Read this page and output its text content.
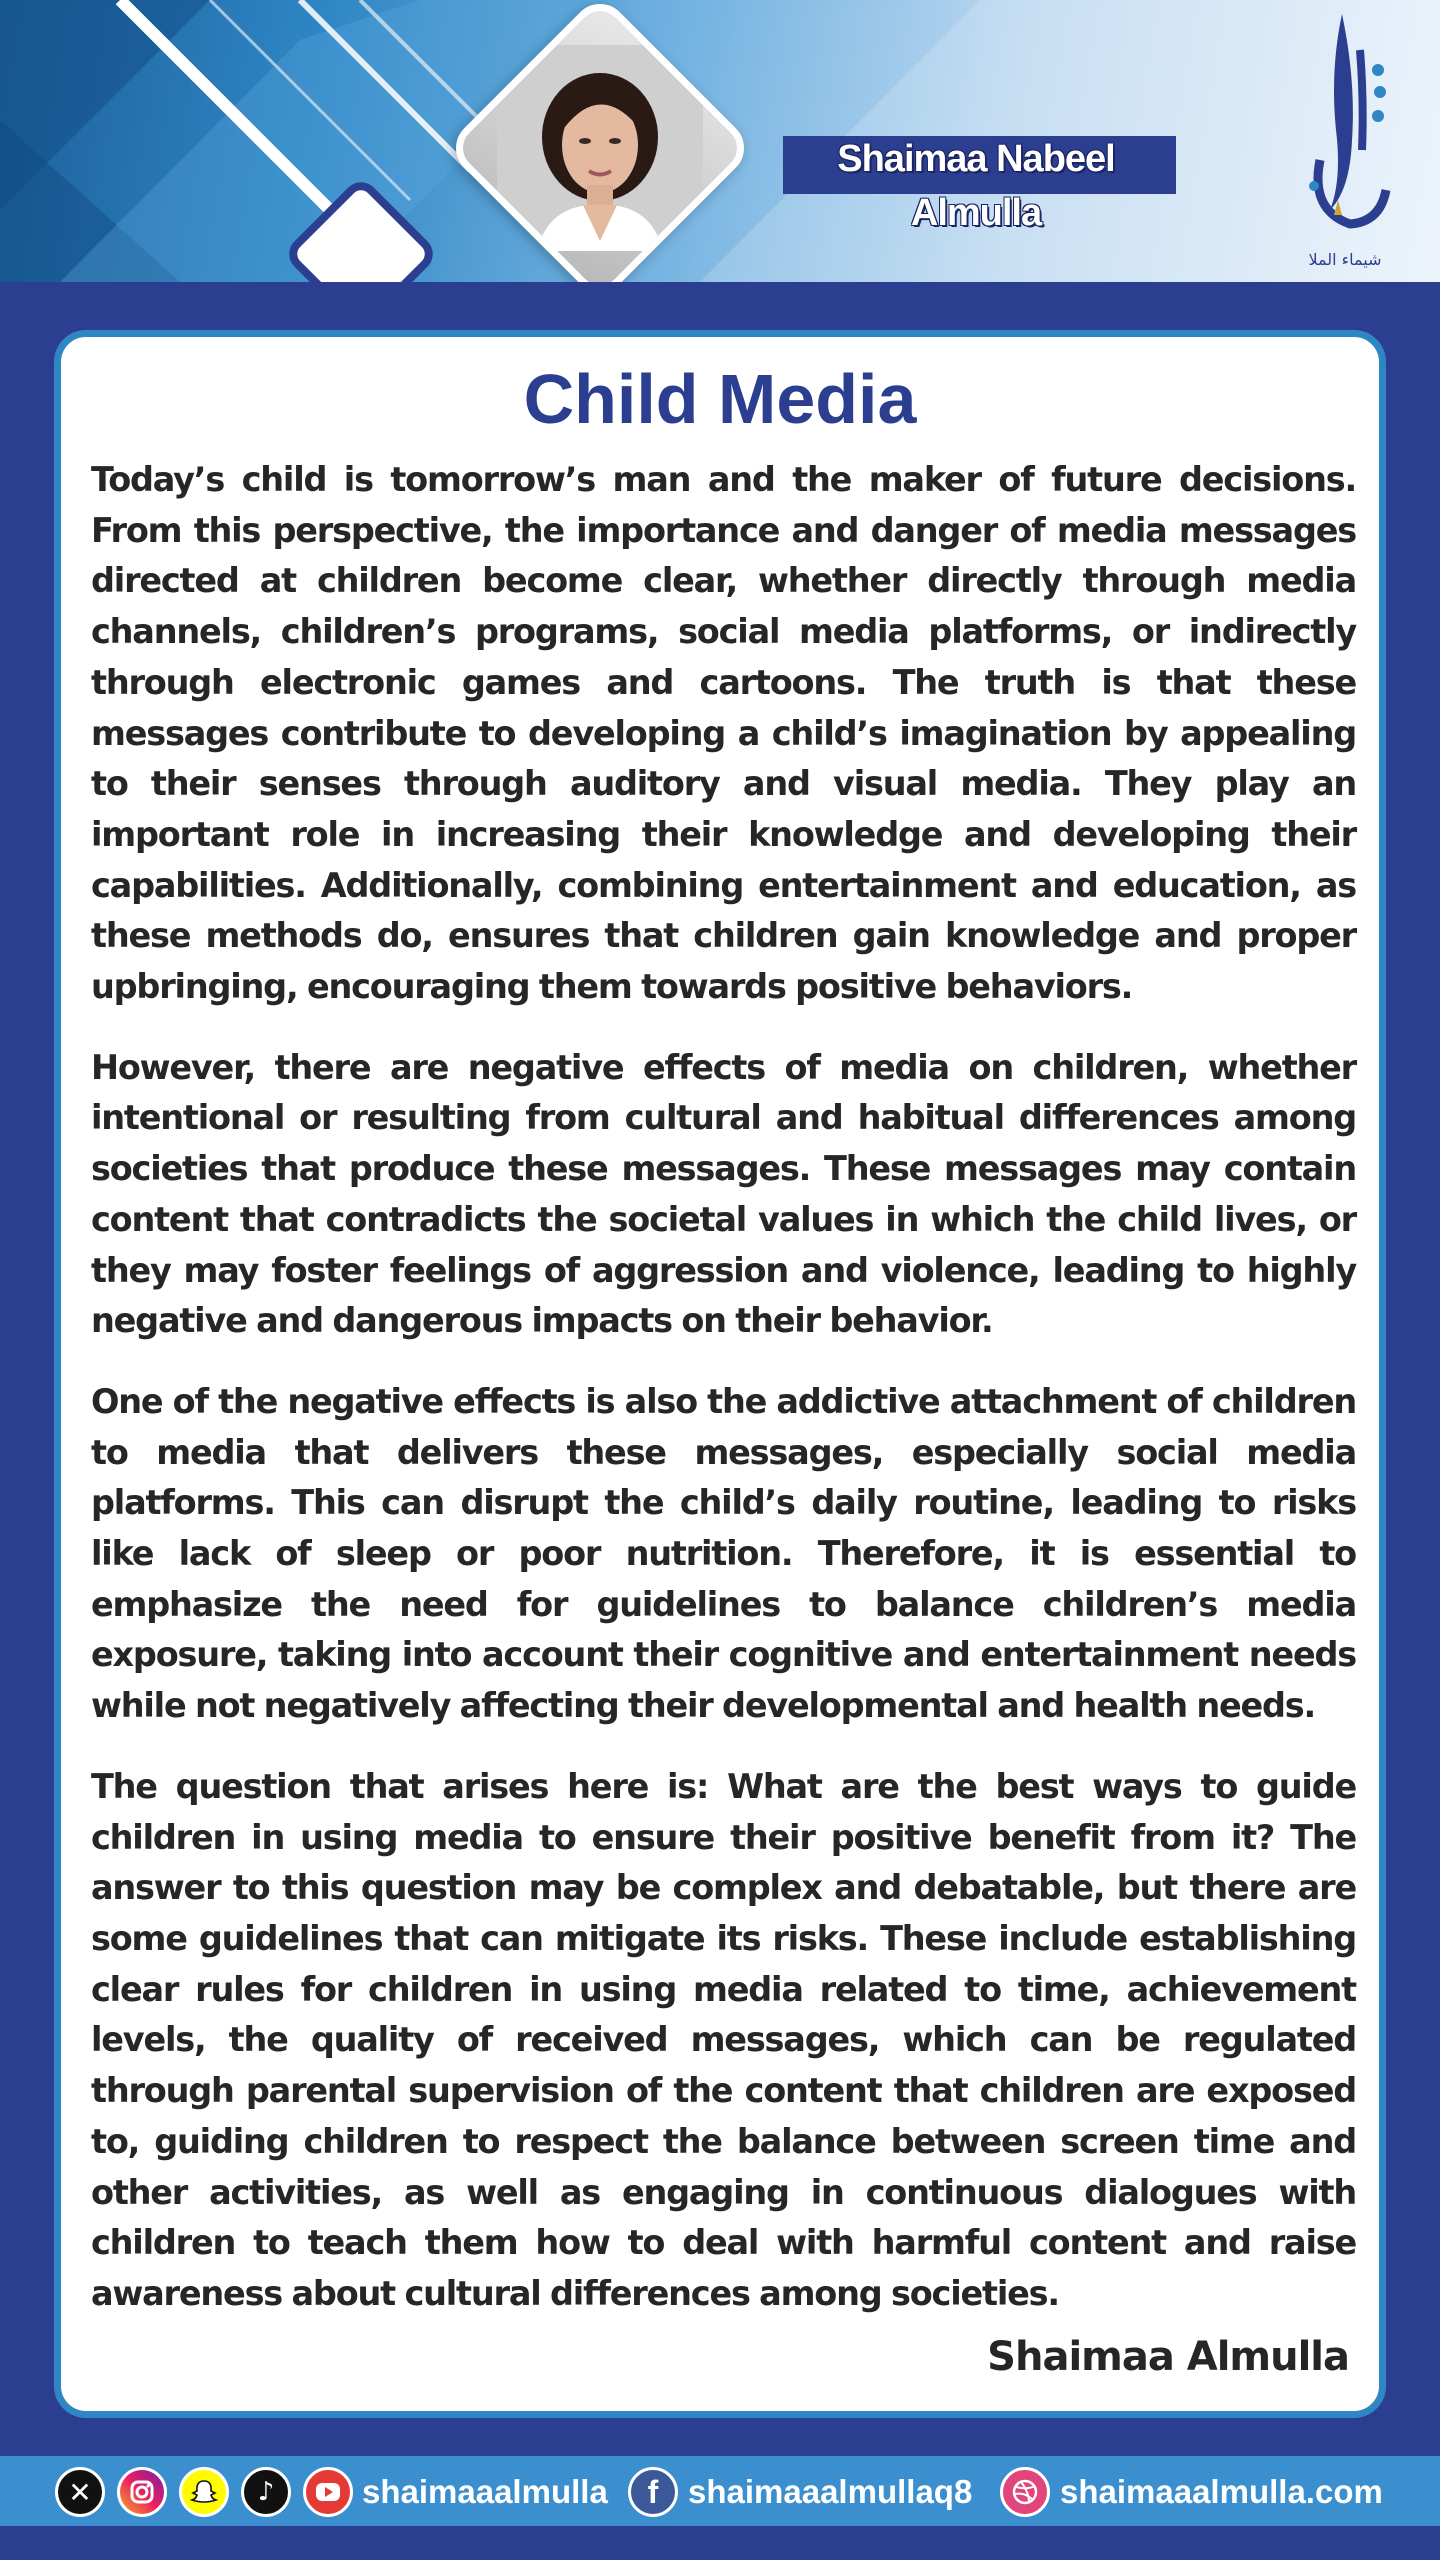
Shaimaa Nabeel Almulla
شيماء الملا
Child Media

Today’s child is tomorrow’s man and the maker of future decisions. From this perspective, the importance and danger of media messages directed at children become clear, whether directly through media channels, children’s programs, social media platforms, or indirectly through electronic games and cartoons. The truth is that these messages contribute to developing a child’s imagination by appealing to their senses through auditory and visual media. They play an important role in increasing their knowledge and developing their capabilities. Additionally, combining entertainment and education, as these methods do, ensures that children gain knowledge and proper upbringing, encouraging them towards positive behaviors.

However, there are negative effects of media on children, whether intentional or resulting from cultural and habitual differences among societies that produce these messages. These messages may contain content that contradicts the societal values in which the child lives, or they may foster feelings of aggression and violence, leading to highly negative and dangerous impacts on their behavior.

One of the negative effects is also the addictive attachment of children to media that delivers these messages, especially social media platforms. This can disrupt the child’s daily routine, leading to risks like lack of sleep or poor nutrition. Therefore, it is essential to emphasize the need for guidelines to balance children’s media exposure, taking into account their cognitive and entertainment needs while not negatively affecting their developmental and health needs.

The question that arises here is: What are the best ways to guide children in using media to ensure their positive benefit from it? The answer to this question may be complex and debatable, but there are some guidelines that can mitigate its risks. These include establishing clear rules for children in using media related to time, achievement levels, the quality of received messages, which can be regulated through parental supervision of the content that children are exposed to, guiding children to respect the balance between screen time and other activities, as well as engaging in continuous dialogues with children to teach them how to deal with harmful content and raise awareness about cultural differences among societies.

Shaimaa Almulla
✕	♪	shaimaaalmulla	f shaimaaalmullaq8	shaimaaalmulla.com
